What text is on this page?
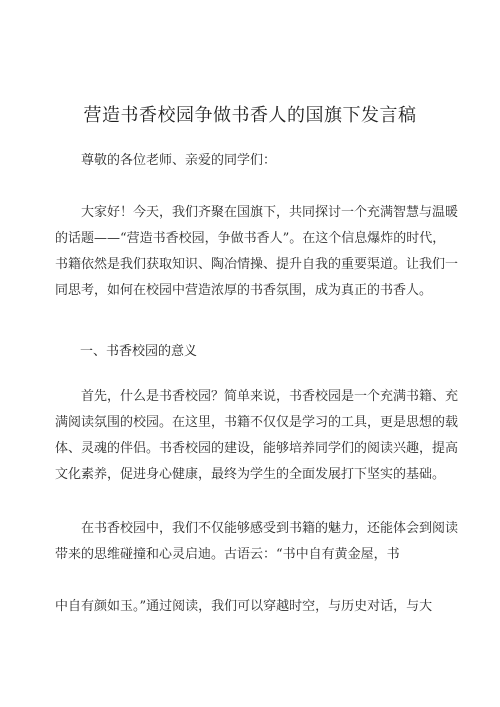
营造书香校园争做书香人的国旗下发言稿

尊敬的各位老师、亲爱的同学们：

大家好！今天，我们齐聚在国旗下，共同探讨一个充满智慧与温暖
的话题——“营造书香校园，争做书香人”。在这个信息爆炸的时代，
书籍依然是我们获取知识、陶冶情操、提升自我的重要渠道。让我们一
同思考，如何在校园中营造浓厚的书香氛围，成为真正的书香人。

一、书香校园的意义

首先，什么是书香校园？简单来说，书香校园是一个充满书籍、充
满阅读氛围的校园。在这里，书籍不仅仅是学习的工具，更是思想的载
体、灵魂的伴侣。书香校园的建设，能够培养同学们的阅读兴趣，提高
文化素养，促进身心健康，最终为学生的全面发展打下坚实的基础。

在书香校园中，我们不仅能够感受到书籍的魅力，还能体会到阅读
带来的思维碰撞和心灵启迪。古语云：“书中自有黄金屋，书

中自有颜如玉。”通过阅读，我们可以穿越时空，与历史对话，与大
